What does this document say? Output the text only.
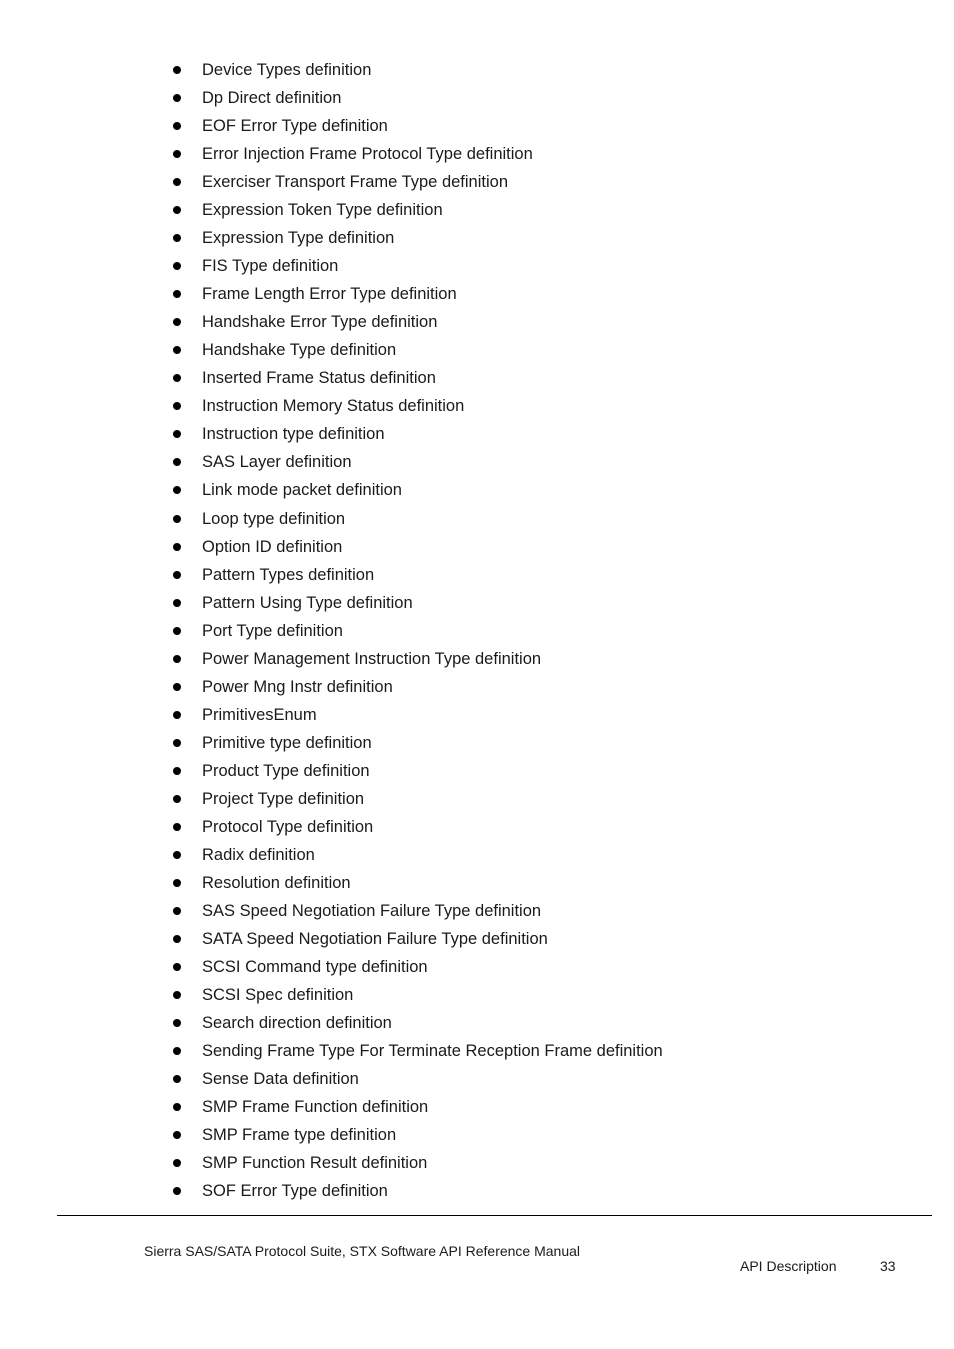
Device Types definition
Dp Direct definition
EOF Error Type definition
Error Injection Frame Protocol Type definition
Exerciser Transport Frame Type definition
Expression Token Type definition
Expression Type definition
FIS Type definition
Frame Length Error Type definition
Handshake Error Type definition
Handshake Type definition
Inserted Frame Status definition
Instruction Memory Status definition
Instruction type definition
SAS Layer definition
Link mode packet definition
Loop type definition
Option ID definition
Pattern Types definition
Pattern Using Type definition
Port Type definition
Power Management Instruction Type definition
Power Mng Instr definition
PrimitivesEnum
Primitive type definition
Product Type definition
Project Type definition
Protocol Type definition
Radix definition
Resolution definition
SAS Speed Negotiation Failure Type definition
SATA Speed Negotiation Failure Type definition
SCSI Command type definition
SCSI Spec definition
Search direction definition
Sending Frame Type For Terminate Reception Frame definition
Sense Data definition
SMP Frame Function definition
SMP Frame type definition
SMP Function Result definition
SOF Error Type definition
Sierra SAS/SATA Protocol Suite, STX Software API Reference Manual
API Description	33
